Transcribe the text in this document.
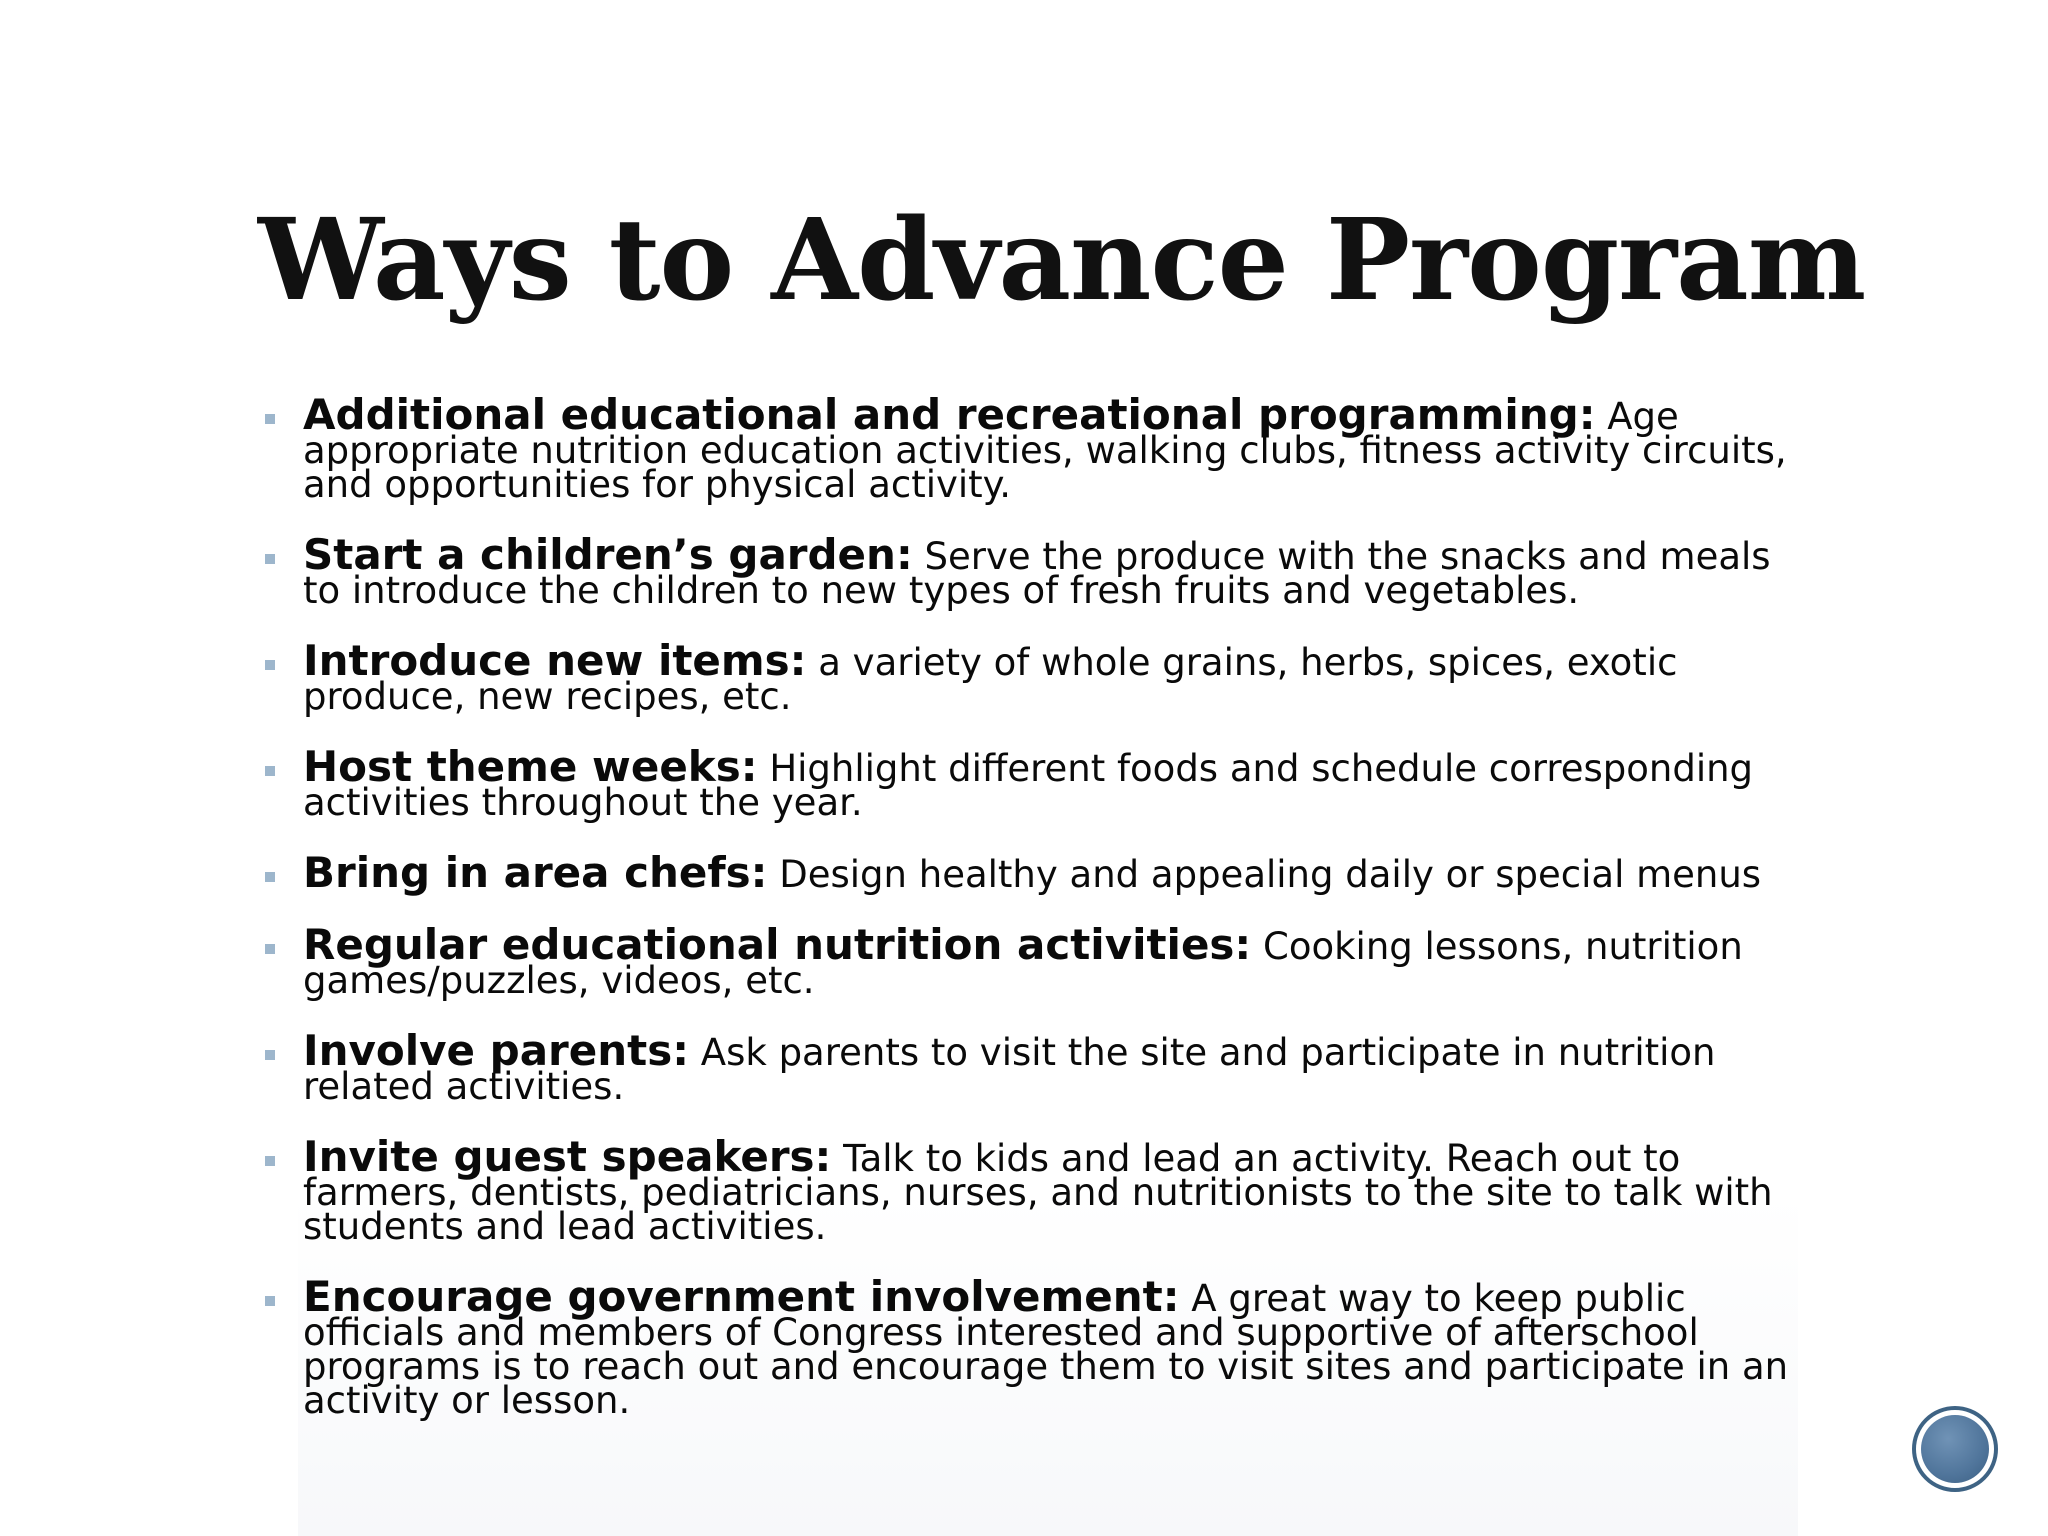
Ways to Advance Program
Additional educational and recreational programming: Age appropriate nutrition education activities, walking clubs, fitness activity circuits, and opportunities for physical activity.
Start a children’s garden: Serve the produce with the snacks and meals to introduce the children to new types of fresh fruits and vegetables.
Introduce new items: a variety of whole grains, herbs, spices, exotic produce, new recipes, etc.
Host theme weeks: Highlight different foods and schedule corresponding activities throughout the year.
Bring in area chefs: Design healthy and appealing daily or special menus
Regular educational nutrition activities: Cooking lessons, nutrition games/puzzles, videos, etc.
Involve parents: Ask parents to visit the site and participate in nutrition related activities.
Invite guest speakers: Talk to kids and lead an activity. Reach out to farmers, dentists, pediatricians, nurses, and nutritionists to the site to talk with students and lead activities.
Encourage government involvement: A great way to keep public officials and members of Congress interested and supportive of afterschool programs is to reach out and encourage them to visit sites and participate in an activity or lesson.
